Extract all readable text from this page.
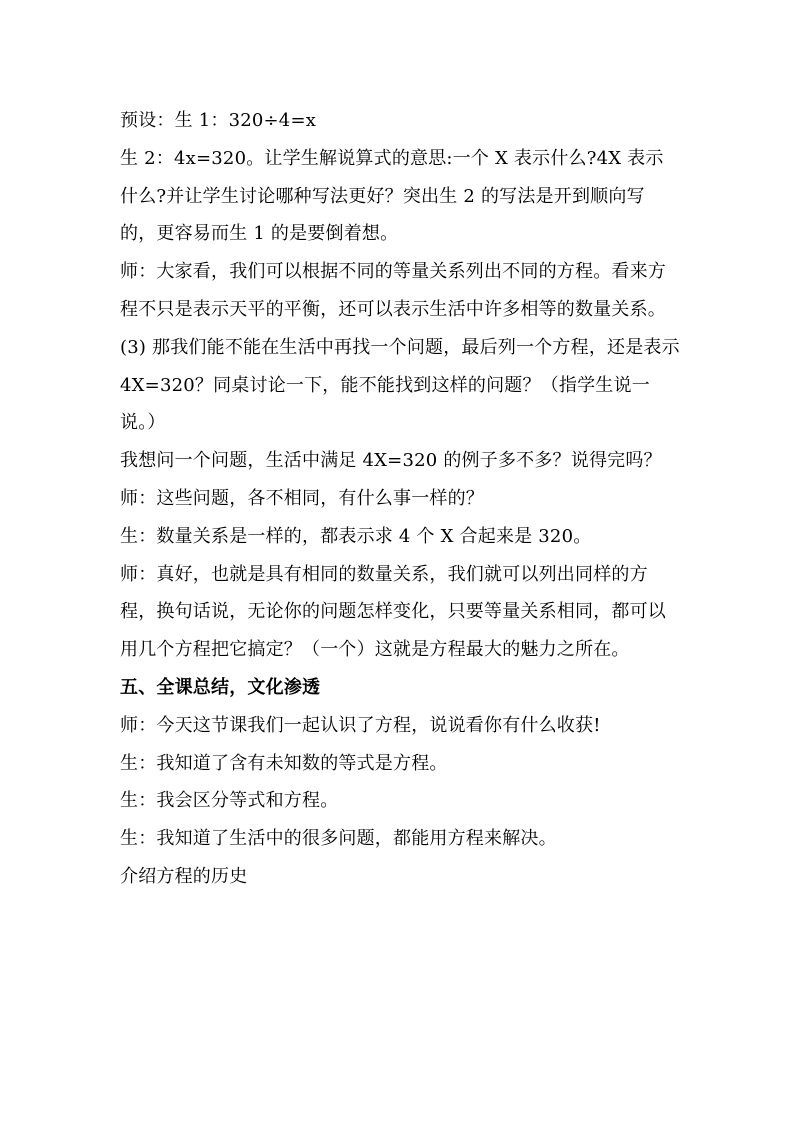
预设：生 1：320÷4=x

生 2：4x=320。让学生解说算式的意思:一个 X 表示什么?4X 表示什么?并让学生讨论哪种写法更好？突出生 2 的写法是开到顺向写的，更容易而生 1 的是要倒着想。

师：大家看，我们可以根据不同的等量关系列出不同的方程。看来方程不只是表示天平的平衡，还可以表示生活中许多相等的数量关系。

(3) 那我们能不能在生活中再找一个问题，最后列一个方程，还是表示 4X=320？同桌讨论一下，能不能找到这样的问题？（指学生说一说。）

我想问一个问题，生活中满足 4X=320 的例子多不多？说得完吗？

师：这些问题，各不相同，有什么事一样的？

生：数量关系是一样的，都表示求 4 个 X 合起来是 320。

师：真好，也就是具有相同的数量关系，我们就可以列出同样的方程，换句话说，无论你的问题怎样变化，只要等量关系相同，都可以用几个方程把它搞定？（一个）这就是方程最大的魅力之所在。

五、全课总结，文化渗透

师：今天这节课我们一起认识了方程，说说看你有什么收获!

生：我知道了含有未知数的等式是方程。

生：我会区分等式和方程。

生：我知道了生活中的很多问题，都能用方程来解决。

介绍方程的历史
